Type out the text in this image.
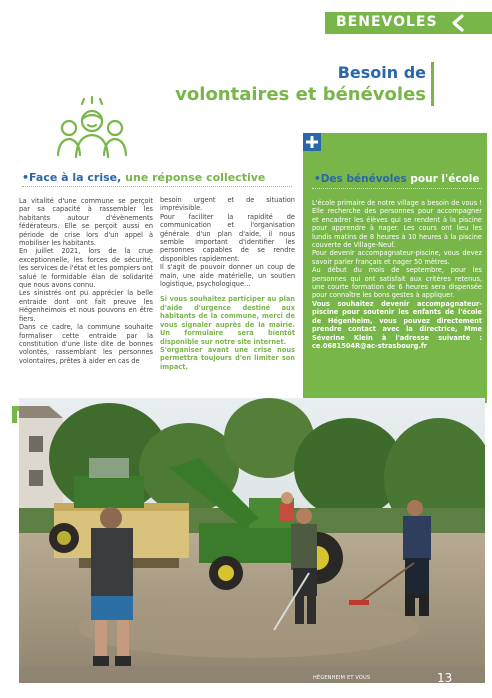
BENEVOLES
Besoin de
volontaires et bénévoles
•Face à la crise, une réponse collective

La vitalité d'une commune se perçoit par sa capacité à rassembler les habitants autour d'évènements fédérateurs. Elle se perçoit aussi en période de crise lors d'un appel à mobiliser les habitants.

En juillet 2021, lors de la crue exceptionnelle, les forces de sécurité, les services de l'état et les pompiers ont salué le formidable élan de solidarité que nous avons connu.

Les sinistrés ont pu apprécier la belle entraide dont ont fait preuve les Hégenheimois et nous pouvons en être fiers.

Dans ce cadre, la commune souhaite formaliser cette entraide par la constitution d'une liste dite de bonnes volontés, rassemblant les personnes volontaires, prêtes à aider en cas de

besoin urgent et de situation imprévisible.

Pour faciliter la rapidité de communication et l'organisation générale d'un plan d'aide, il nous semble important d'identifier les personnes capables de se rendre disponibles rapidement.

Il s'agit de pouvoir donner un coup de main, une aide matérielle, un soutien logistique, psychologique…

Si vous souhaitez participer au plan d'aide d'urgence destiné aux habitants de la commune, merci de vous signaler auprès de la mairie. Un formulaire sera bientôt disponible sur notre site internet.

S'organiser avant une crise nous permettra toujours d'en limiter son impact.

•Des bénévoles pour l'école

L'école primaire de notre village a besoin de vous ! Elle recherche des personnes pour accompagner et encadrer les élèves qui se rendent à la piscine pour apprendre à nager. Les cours ont lieu les lundis matins de 8 heures à 10 heures à la piscine couverte de Village-Neuf.

Pour devenir accompagnateur-piscine, vous devez savoir parler français et nager 50 mètres.

Au début du mois de septembre, pour les personnes qui ont satisfait aux critères retenus, une courte formation de 6 heures sera dispensée pour connaître les bons gestes à appliquer.

Vous souhaitez devenir accompagnateur-piscine pour soutenir les enfants de l'école de Hégenheim, vous pouvez directement prendre contact avec la directrice, Mme Séverine Klein à l'adresse suivante : ce.0681504R@ac-strasbourg.fr

HÉGENHEIM ET VOUS	13
